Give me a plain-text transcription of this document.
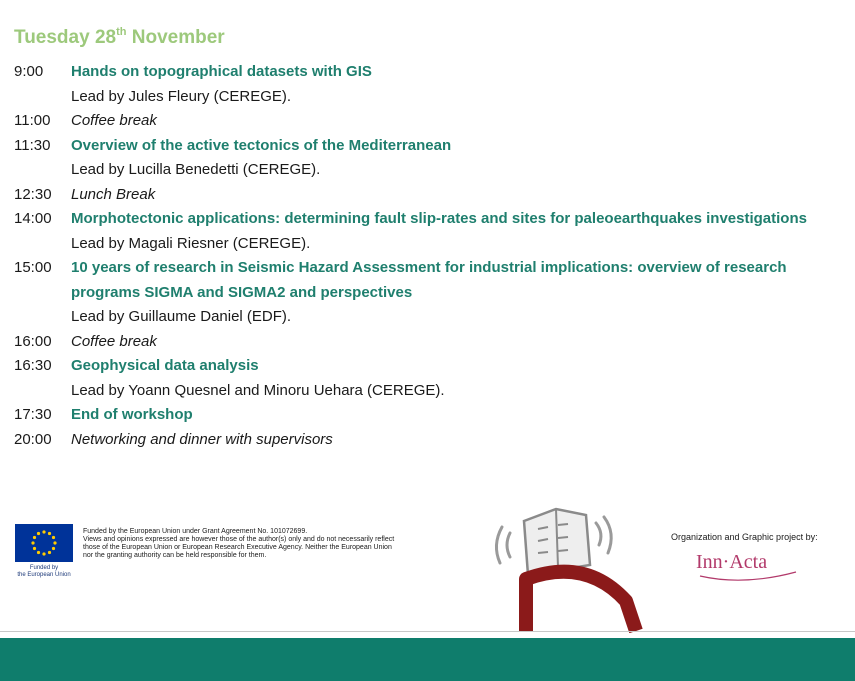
Tuesday 28th November
9:00	Hands on topographical datasets with GIS
Lead by Jules Fleury (CEREGE).
11:00	Coffee break
11:30	Overview of the active tectonics of the Mediterranean
Lead by Lucilla Benedetti (CEREGE).
12:30	Lunch Break
14:00	Morphotectonic applications: determining fault slip-rates and sites for paleoearthquakes investigations
Lead by Magali Riesner (CEREGE).
15:00	10 years of research in Seismic Hazard Assessment for industrial implications: overview of research
programs SIGMA and SIGMA2 and perspectives
Lead by Guillaume Daniel (EDF).
16:00	Coffee break
16:30	Geophysical data analysis
Lead by Yoann Quesnel and Minoru Uehara (CEREGE).
17:30	End of workshop
20:00	Networking and dinner with supervisors
Funded by
the European Union
Funded by the European Union under Grant Agreement No. 101072699.
Views and opinions expressed are however those of the author(s) only and do not necessarily reflect
those of the European Union or European Research Executive Agency. Neither the European Union
nor the granting authority can be held responsible for them.
Organization and Graphic project by:
Inn·Acta
